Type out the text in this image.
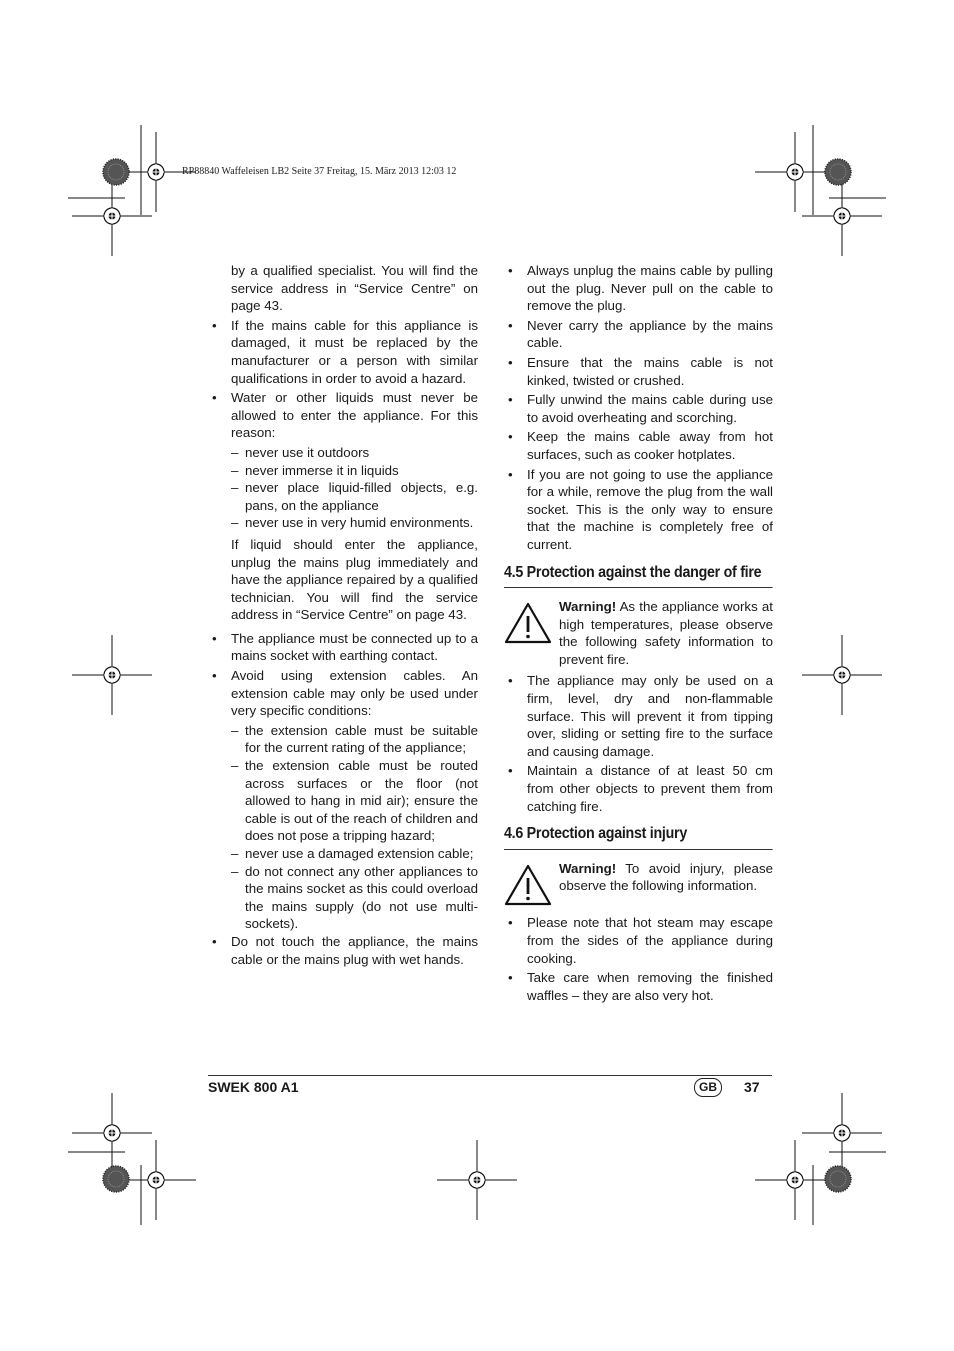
RP88840 Waffeleisen LB2 Seite 37 Freitag, 15. März 2013 12:03 12

by a qualified specialist. You will find the service address in “Service Centre” on page 43.

• If the mains cable for this appliance is damaged, it must be replaced by the manufacturer or a person with similar qualifications in order to avoid a hazard.

• Water or other liquids must never be allowed to enter the appliance. For this reason:

– never use it outdoors

– never immerse it in liquids

– never place liquid-filled objects, e.g. pans, on the appliance

– never use in very humid environments.

If liquid should enter the appliance, unplug the mains plug immediately and have the appliance repaired by a qualified technician. You will find the service address in “Service Centre” on page 43.

• The appliance must be connected up to a mains socket with earthing contact.

• Avoid using extension cables. An extension cable may only be used under very specific conditions:

– the extension cable must be suitable for the current rating of the appliance;

– the extension cable must be routed across surfaces or the floor (not allowed to hang in mid air); ensure the cable is out of the reach of children and does not pose a tripping hazard;

– never use a damaged extension cable;

– do not connect any other appliances to the mains socket as this could overload the mains supply (do not use multi-sockets).

• Do not touch the appliance, the mains cable or the mains plug with wet hands.

• Always unplug the mains cable by pulling out the plug. Never pull on the cable to remove the plug.

• Never carry the appliance by the mains cable.

• Ensure that the mains cable is not kinked, twisted or crushed.

• Fully unwind the mains cable during use to avoid overheating and scorching.

• Keep the mains cable away from hot surfaces, such as cooker hotplates.

• If you are not going to use the appliance for a while, remove the plug from the wall socket. This is the only way to ensure that the machine is completely free of current.

4.5 Protection against the danger of fire
Warning! As the appliance works at high temperatures, please observe the following safety information to prevent fire.

• The appliance may only be used on a firm, level, dry and non-flammable surface. This will prevent it from tipping over, sliding or setting fire to the surface and causing damage.

• Maintain a distance of at least 50 cm from other objects to prevent them from catching fire.

4.6 Protection against injury
Warning! To avoid injury, please observe the following information.

• Please note that hot steam may escape from the sides of the appliance during cooking.

• Take care when removing the finished waffles – they are also very hot.

SWEK 800 A1	GB	37
